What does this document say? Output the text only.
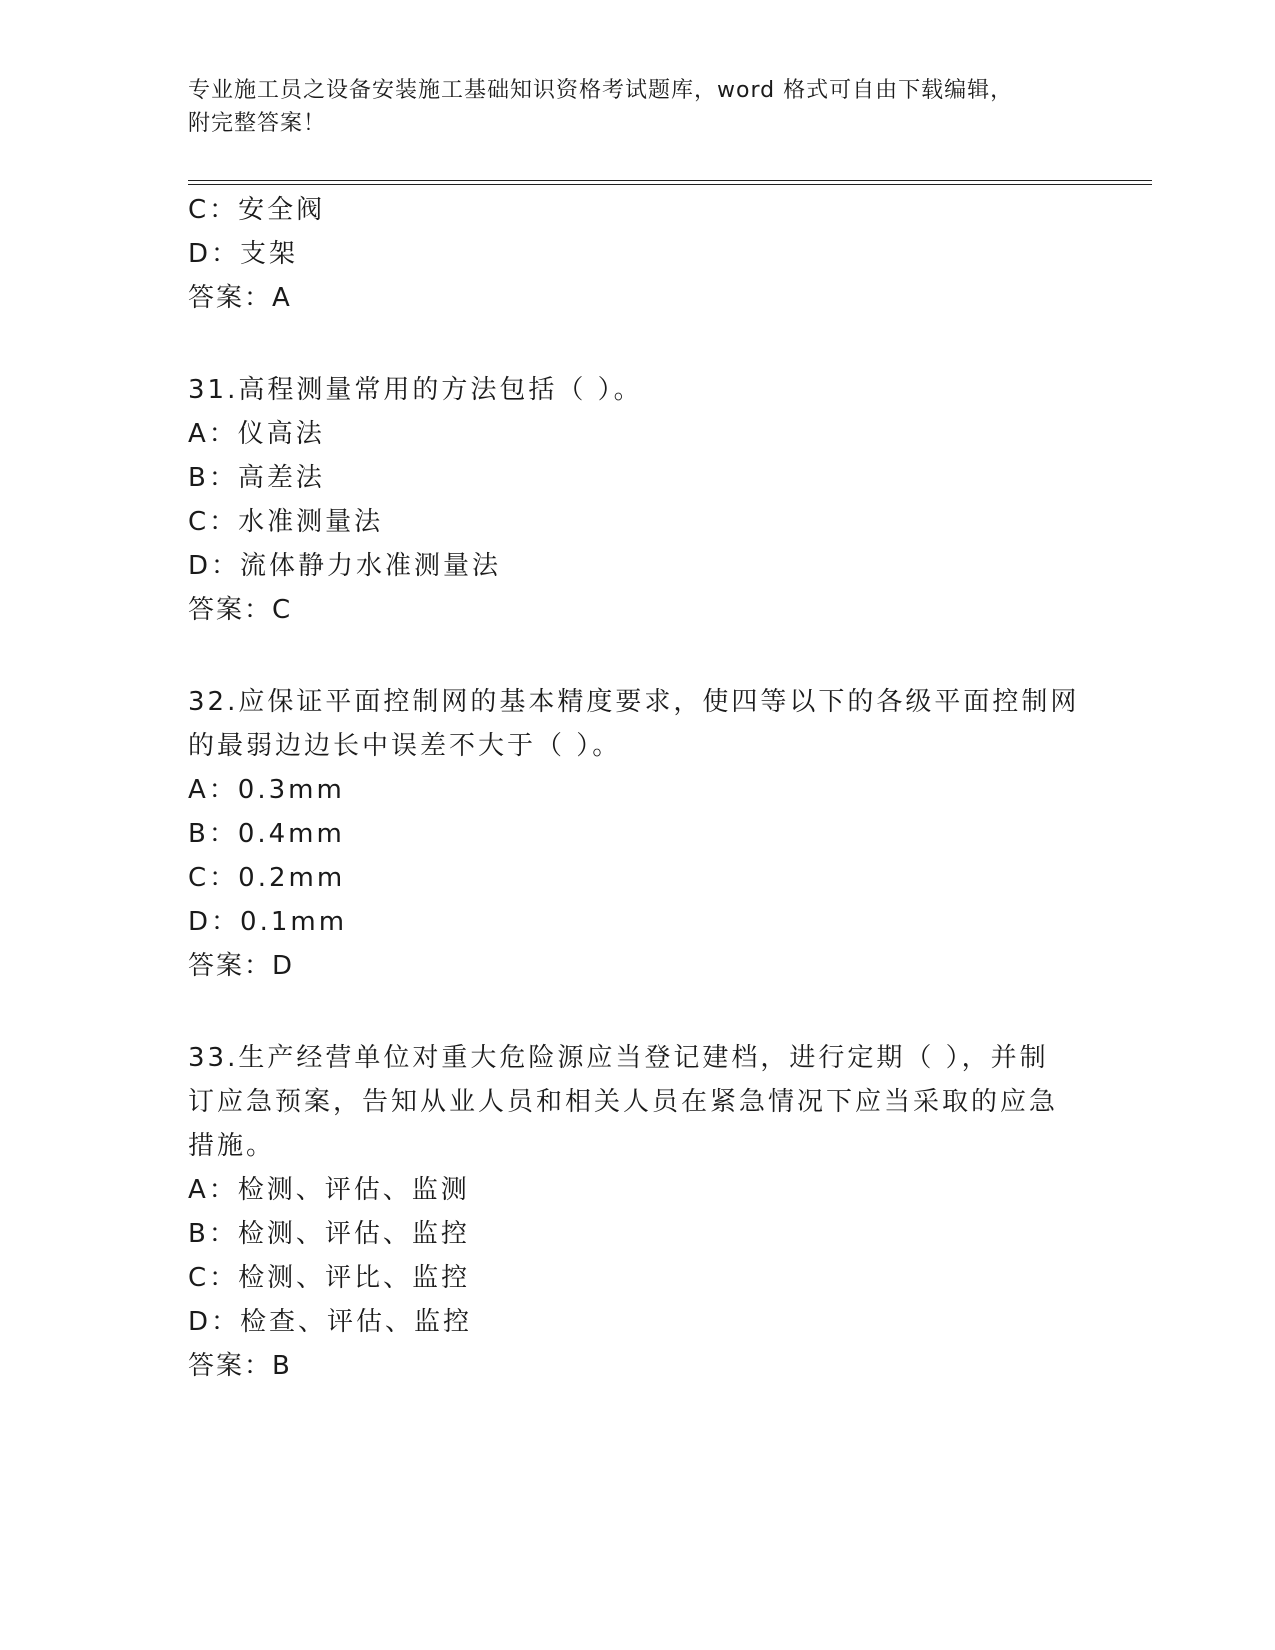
专业施工员之设备安装施工基础知识资格考试题库，word 格式可自由下载编辑，
附完整答案！
C：安全阀
D：支架
答案：A
31.高程测量常用的方法包括（ ）。
A：仪高法
B：高差法
C：水准测量法
D：流体静力水准测量法
答案：C
32.应保证平面控制网的基本精度要求，使四等以下的各级平面控制网
的最弱边边长中误差不大于（ ）。
A：0.3mm
B：0.4mm
C：0.2mm
D：0.1mm
答案：D
33.生产经营单位对重大危险源应当登记建档，进行定期（ ），并制
订应急预案，告知从业人员和相关人员在紧急情况下应当采取的应急
措施。
A：检测、评估、监测
B：检测、评估、监控
C：检测、评比、监控
D：检查、评估、监控
答案：B
